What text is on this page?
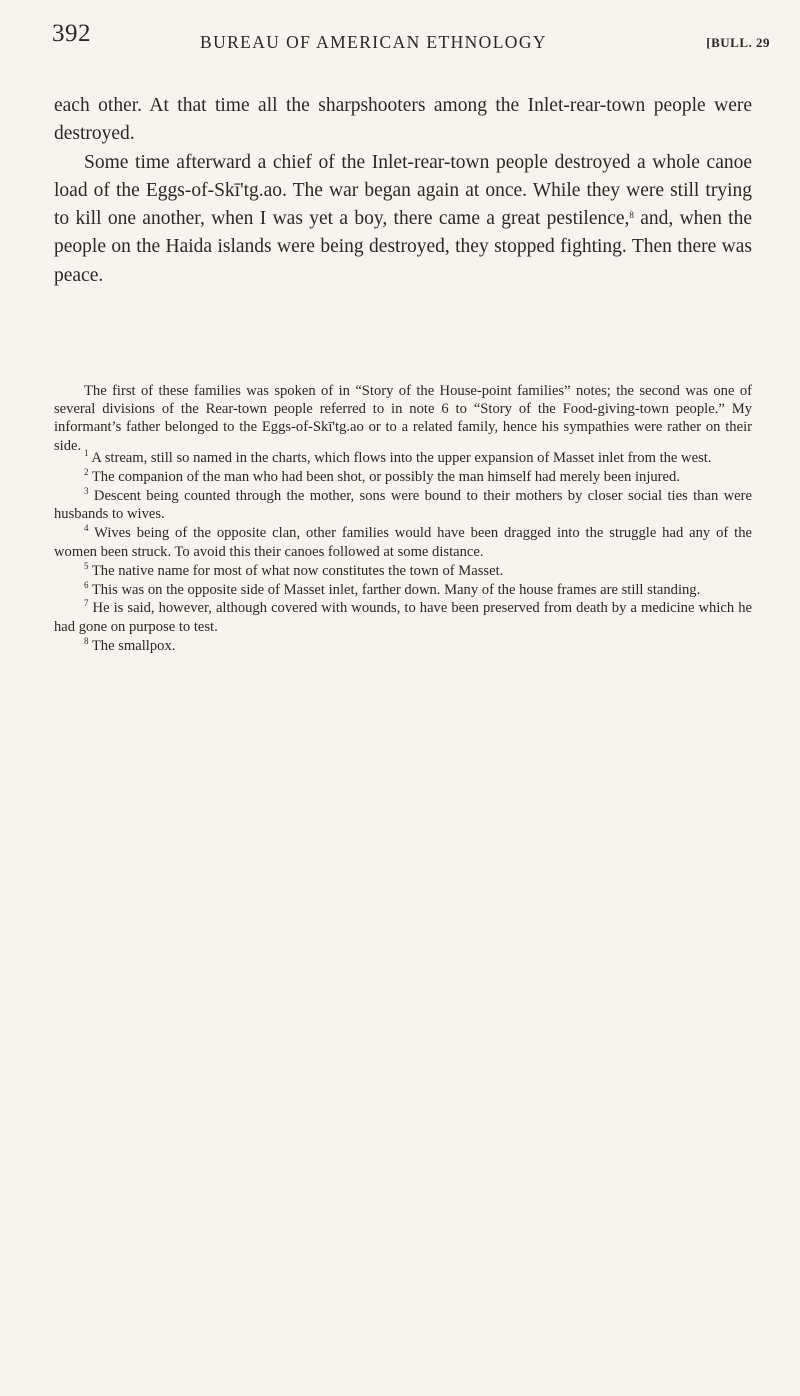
392	BUREAU OF AMERICAN ETHNOLOGY	[BULL. 29

each other. At that time all the sharpshooters among the Inlet-rear-town people were destroyed.

Some time afterward a chief of the Inlet-rear-town people destroyed a whole canoe load of the Eggs-of-Skī'tg.ao. The war began again at once. While they were still trying to kill one another, when I was yet a boy, there came a great pestilence,$^8$ and, when the people on the Haida islands were being destroyed, they stopped fighting. Then there was peace.

The first of these families was spoken of in “Story of the House-point families” notes; the second was one of several divisions of the Rear-town people referred to in note 6 to “Story of the Food-giving-town people.” My informant’s father belonged to the Eggs-of-Skī'tg.ao or to a related family, hence his sympathies were rather on their side. $^1$ A stream, still so named in the charts, which flows into the upper expansion of Masset inlet from the west.

$^2$ The companion of the man who had been shot, or possibly the man himself had merely been injured.

$^3$ Descent being counted through the mother, sons were bound to their mothers by closer social ties than were husbands to wives.

$^4$ Wives being of the opposite clan, other families would have been dragged into the struggle had any of the women been struck. To avoid this their canoes followed at some distance.

$^5$ The native name for most of what now constitutes the town of Masset.

$^6$ This was on the opposite side of Masset inlet, farther down. Many of the house frames are still standing.

$^7$ He is said, however, although covered with wounds, to have been preserved from death by a medicine which he had gone on purpose to test.

$^8$ The smallpox.
